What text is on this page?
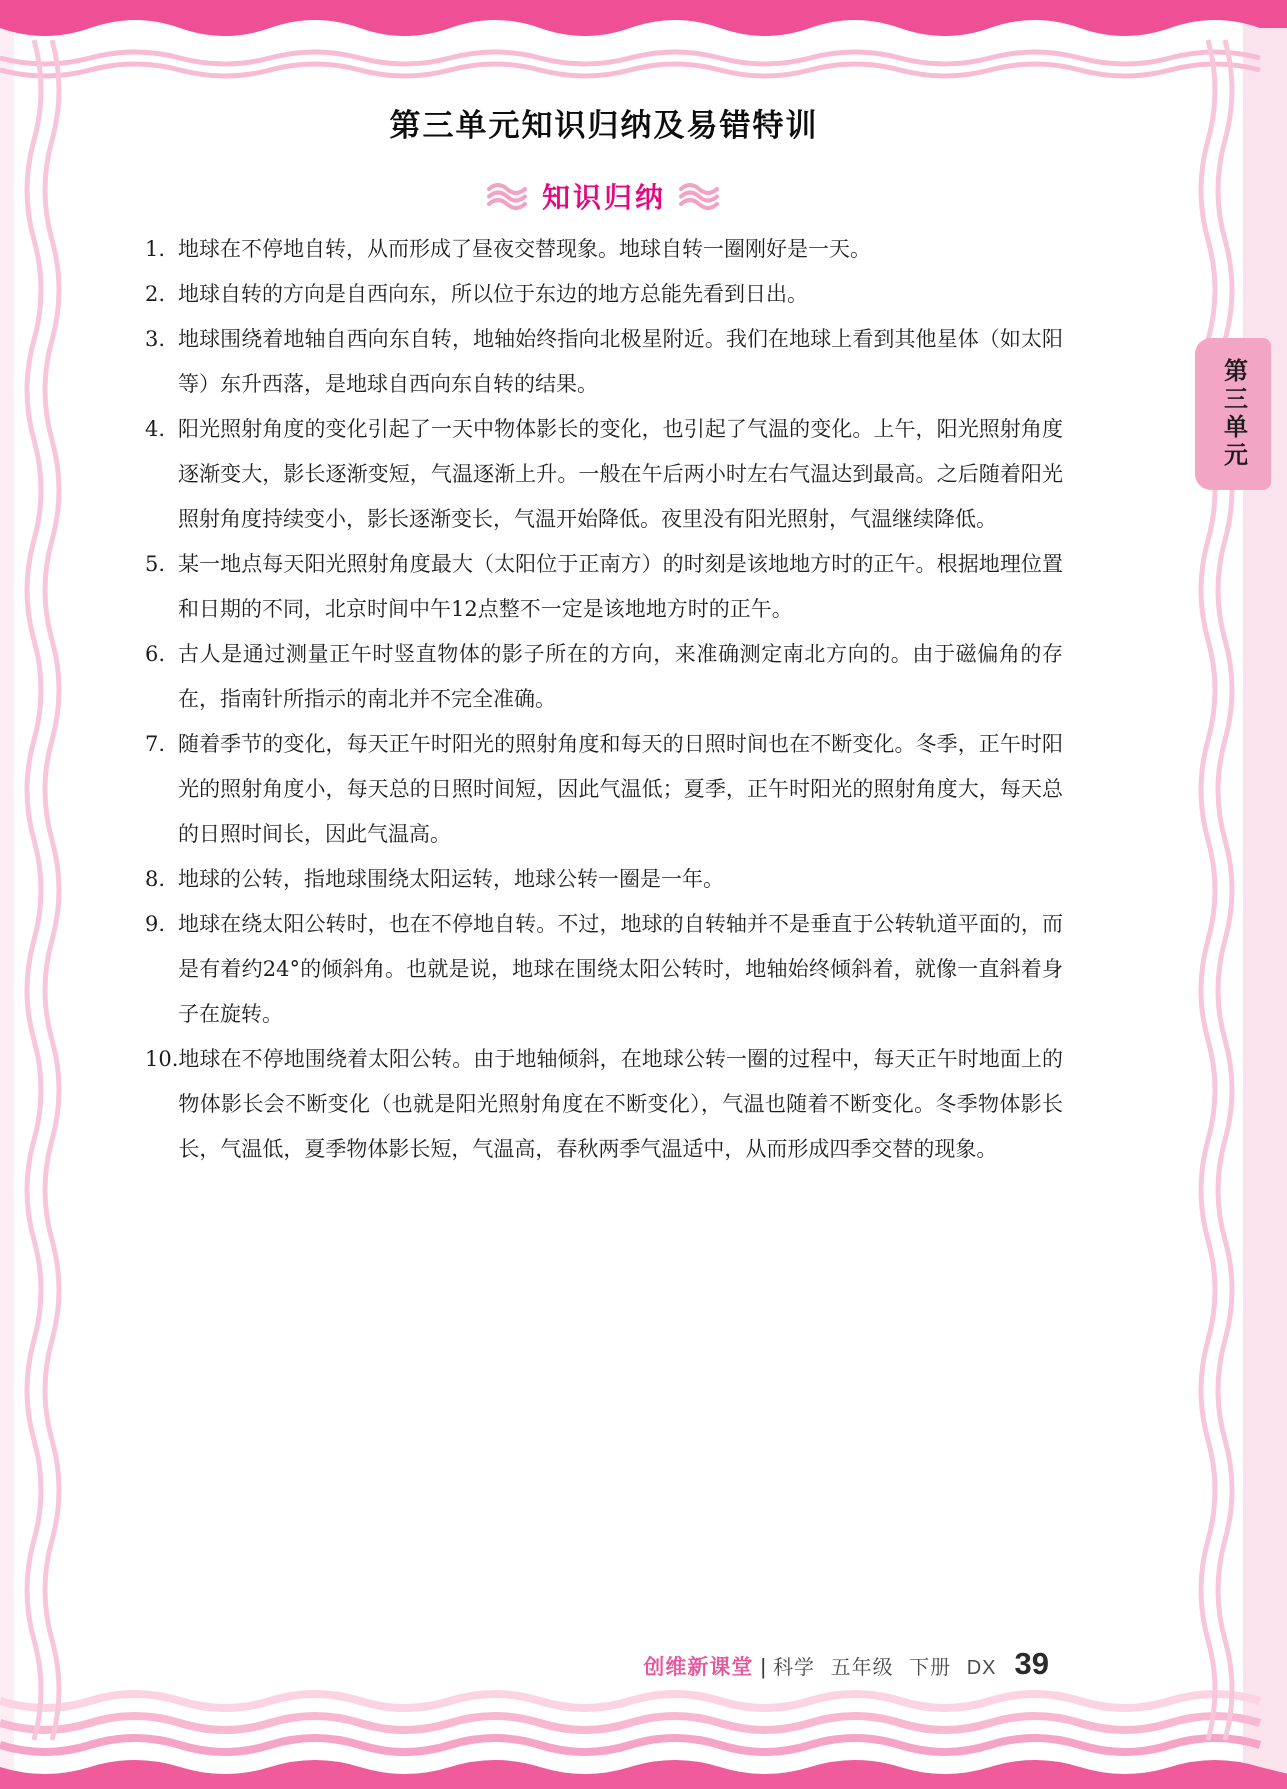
第三单元
第三单元知识归纳及易错特训
知识归纳
1. 地球在不停地自转，从而形成了昼夜交替现象。地球自转一圈刚好是一天。
2. 地球自转的方向是自西向东，所以位于东边的地方总能先看到日出。
3. 地球围绕着地轴自西向东自转，地轴始终指向北极星附近。我们在地球上看到其他星体（如太阳等）东升西落，是地球自西向东自转的结果。
4. 阳光照射角度的变化引起了一天中物体影长的变化，也引起了气温的变化。上午，阳光照射角度逐渐变大，影长逐渐变短，气温逐渐上升。一般在午后两小时左右气温达到最高。之后随着阳光照射角度持续变小，影长逐渐变长，气温开始降低。夜里没有阳光照射，气温继续降低。
5. 某一地点每天阳光照射角度最大（太阳位于正南方）的时刻是该地地方时的正午。根据地理位置和日期的不同，北京时间中午12点整不一定是该地地方时的正午。
6. 古人是通过测量正午时竖直物体的影子所在的方向，来准确测定南北方向的。由于磁偏角的存在，指南针所指示的南北并不完全准确。
7. 随着季节的变化，每天正午时阳光的照射角度和每天的日照时间也在不断变化。冬季，正午时阳光的照射角度小，每天总的日照时间短，因此气温低；夏季，正午时阳光的照射角度大，每天总的日照时间长，因此气温高。
8. 地球的公转，指地球围绕太阳运转，地球公转一圈是一年。
9. 地球在绕太阳公转时，也在不停地自转。不过，地球的自转轴并不是垂直于公转轨道平面的，而是有着约24°的倾斜角。也就是说，地球在围绕太阳公转时，地轴始终倾斜着，就像一直斜着身子在旋转。
10. 地球在不停地围绕着太阳公转。由于地轴倾斜，在地球公转一圈的过程中，每天正午时地面上的物体影长会不断变化（也就是阳光照射角度在不断变化），气温也随着不断变化。冬季物体影长长，气温低，夏季物体影长短，气温高，春秋两季气温适中，从而形成四季交替的现象。
创维新课堂 | 科学 五年级 下册 DX 39
